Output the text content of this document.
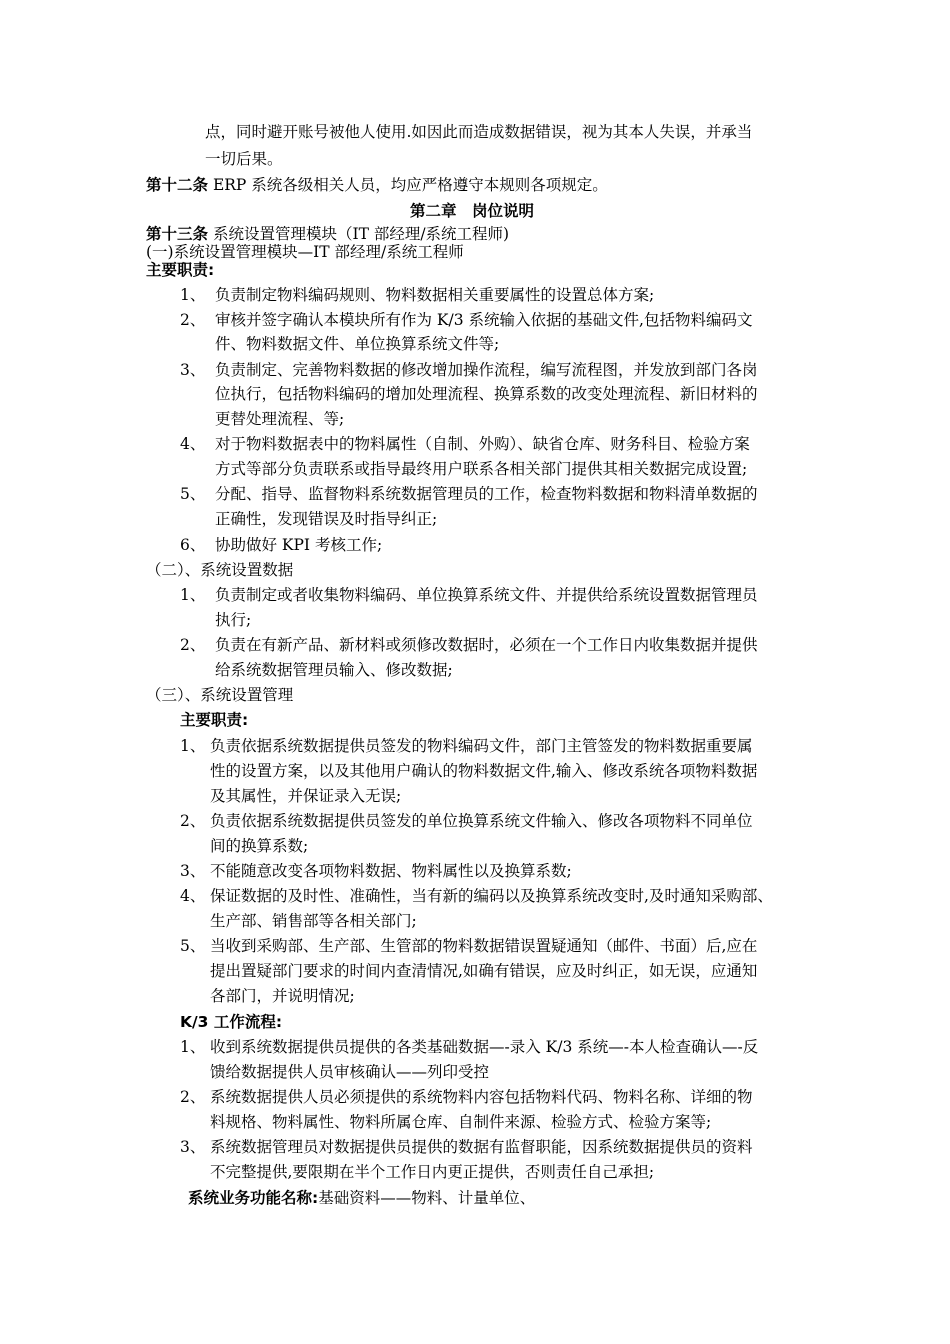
点，同时避开账号被他人使用.如因此而造成数据错误，视为其本人失误，并承当
一切后果。
第十二条 ERP 系统各级相关人员，均应严格遵守本规则各项规定。
第二章　岗位说明
第十三条 系统设置管理模块（IT 部经理/系统工程师)
(一)系统设置管理模块—IT 部经理/系统工程师
主要职责:
1、 负责制定物料编码规则、物料数据相关重要属性的设置总体方案;
2、 审核并签字确认本模块所有作为 K/3 系统输入依据的基础文件,包括物料编码文
件、物料数据文件、单位换算系统文件等;
3、 负责制定、完善物料数据的修改增加操作流程，编写流程图，并发放到部门各岗
位执行，包括物料编码的增加处理流程、换算系数的改变处理流程、新旧材料的
更替处理流程、等;
4、 对于物料数据表中的物料属性（自制、外购）、缺省仓库、财务科目、检验方案
方式等部分负责联系或指导最终用户联系各相关部门提供其相关数据完成设置;
5、 分配、指导、监督物料系统数据管理员的工作，检查物料数据和物料清单数据的
正确性，发现错误及时指导纠正;
6、 协助做好 KPI 考核工作;
（二）、系统设置数据
1、 负责制定或者收集物料编码、单位换算系统文件、并提供给系统设置数据管理员
执行;
2、 负责在有新产品、新材料或须修改数据时，必须在一个工作日内收集数据并提供
给系统数据管理员输入、修改数据;
（三）、系统设置管理
主要职责:
1、 负责依据系统数据提供员签发的物料编码文件，部门主管签发的物料数据重要属
性的设置方案，以及其他用户确认的物料数据文件,输入、修改系统各项物料数据
及其属性，并保证录入无误;
2、 负责依据系统数据提供员签发的单位换算系统文件输入、修改各项物料不同单位
间的换算系数;
3、 不能随意改变各项物料数据、物料属性以及换算系数;
4、 保证数据的及时性、准确性，当有新的编码以及换算系统改变时,及时通知采购部、
生产部、销售部等各相关部门;
5、 当收到采购部、生产部、生管部的物料数据错误置疑通知（邮件、书面）后,应在
提出置疑部门要求的时间内查清情况,如确有错误，应及时纠正，如无误，应通知
各部门，并说明情况;
K/3 工作流程:
1、 收到系统数据提供员提供的各类基础数据—-录入 K/3 系统—-本人检查确认—-反
馈给数据提供人员审核确认——列印受控
2、 系统数据提供人员必须提供的系统物料内容包括物料代码、物料名称、详细的物
料规格、物料属性、物料所属仓库、自制件来源、检验方式、检验方案等;
3、 系统数据管理员对数据提供员提供的数据有监督职能，因系统数据提供员的资料
不完整提供,要限期在半个工作日内更正提供，否则责任自己承担;
系统业务功能名称:基础资料——物料、计量单位、
